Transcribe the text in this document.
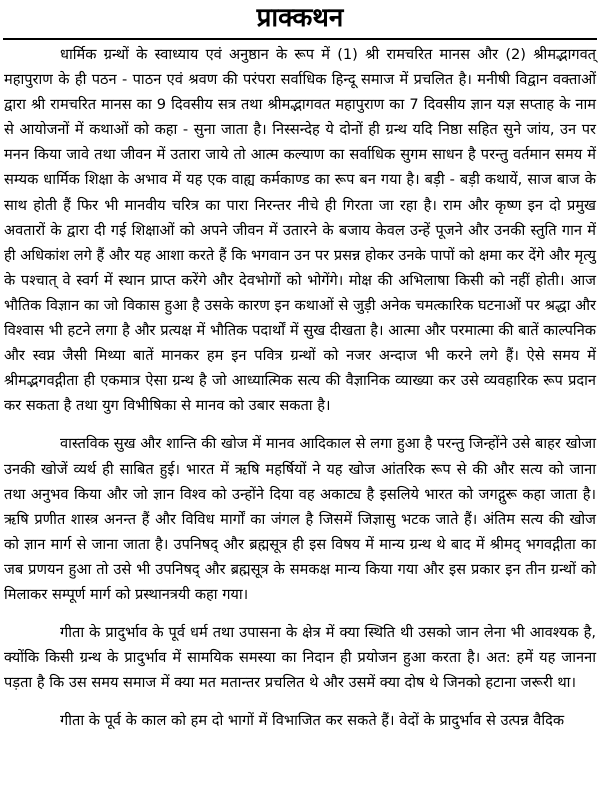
प्राक्कथन

धार्मिक ग्रन्थों के स्वाध्याय एवं अनुष्ठान के रूप में (1) श्री रामचरित मानस और (2) श्रीमद्भागवत् महापुराण के ही पठन - पाठन एवं श्रवण की परंपरा सर्वाधिक हिन्दू समाज में प्रचलित है। मनीषी विद्वान वक्ताओं द्वारा श्री रामचरित मानस का 9 दिवसीय सत्र तथा श्रीमद्भागवत महापुराण का 7 दिवसीय ज्ञान यज्ञ सप्ताह के नाम से आयोजनों में कथाओं को कहा - सुना जाता है। निस्सन्देह ये दोनों ही ग्रन्थ यदि निष्ठा सहित सुने जांय, उन पर मनन किया जावे तथा जीवन में उतारा जाये तो आत्म कल्याण का सर्वाधिक सुगम साधन है परन्तु वर्तमान समय में सम्यक धार्मिक शिक्षा के अभाव में यह एक वाह्य कर्मकाण्ड का रूप बन गया है। बड़ी - बड़ी कथायें, साज बाज के साथ होती हैं फिर भी मानवीय चरित्र का पारा निरन्तर नीचे ही गिरता जा रहा है। राम और कृष्ण इन दो प्रमुख अवतारों के द्वारा दी गई शिक्षाओं को अपने जीवन में उतारने के बजाय केवल उन्हें पूजने और उनकी स्तुति गान में ही अधिकांश लगे हैं और यह आशा करते हैं कि भगवान उन पर प्रसन्न होकर उनके पापों को क्षमा कर देंगे और मृत्यु के पश्चात् वे स्वर्ग में स्थान प्राप्त करेंगे और देवभोगों को भोगेंगे। मोक्ष की अभिलाषा किसी को नहीं होती। आज भौतिक विज्ञान का जो विकास हुआ है उसके कारण इन कथाओं से जुड़ी अनेक चमत्कारिक घटनाओं पर श्रद्धा और विश्वास भी हटने लगा है और प्रत्यक्ष में भौतिक पदार्थों में सुख दीखता है। आत्मा और परमात्मा की बातें काल्पनिक और स्वप्न जैसी मिथ्या बातें मानकर हम इन पवित्र ग्रन्थों को नजर अन्दाज भी करने लगे हैं। ऐसे समय में श्रीमद्भगवद्गीता ही एकमात्र ऐसा ग्रन्थ है जो आध्यात्मिक सत्य की वैज्ञानिक व्याख्या कर उसे व्यवहारिक रूप प्रदान कर सकता है तथा युग विभीषिका से मानव को उबार सकता है।

वास्तविक सुख और शान्ति की खोज में मानव आदिकाल से लगा हुआ है परन्तु जिन्होंने उसे बाहर खोजा उनकी खोजें व्यर्थ ही साबित हुई। भारत में ऋषि महर्षियों ने यह खोज आंतरिक रूप से की और सत्य को जाना तथा अनुभव किया और जो ज्ञान विश्व को उन्होंने दिया वह अकाट्य है इसलिये भारत को जगद्गुरू कहा जाता है। ऋषि प्रणीत शास्त्र अनन्त हैं और विविध मार्गों का जंगल है जिसमें जिज्ञासु भटक जाते हैं। अंतिम सत्य की खोज को ज्ञान मार्ग से जाना जाता है। उपनिषद् और ब्रह्मसूत्र ही इस विषय में मान्य ग्रन्थ थे बाद में श्रीमद् भगवद्गीता का जब प्रणयन हुआ तो उसे भी उपनिषद् और ब्रह्मसूत्र के समकक्ष मान्य किया गया और इस प्रकार इन तीन ग्रन्थों को मिलाकर सम्पूर्ण मार्ग को प्रस्थानत्रयी कहा गया।

गीता के प्रादुर्भाव के पूर्व धर्म तथा उपासना के क्षेत्र में क्या स्थिति थी उसको जान लेना भी आवश्यक है, क्योंकि किसी ग्रन्थ के प्रादुर्भाव में सामयिक समस्या का निदान ही प्रयोजन हुआ करता है। अत: हमें यह जानना पड़ता है कि उस समय समाज में क्या मत मतान्तर प्रचलित थे और उसमें क्या दोष थे जिनको हटाना जरूरी था।

गीता के पूर्व के काल को हम दो भागों में विभाजित कर सकते हैं। वेदों के प्रादुर्भाव से उत्पन्न वैदिक
